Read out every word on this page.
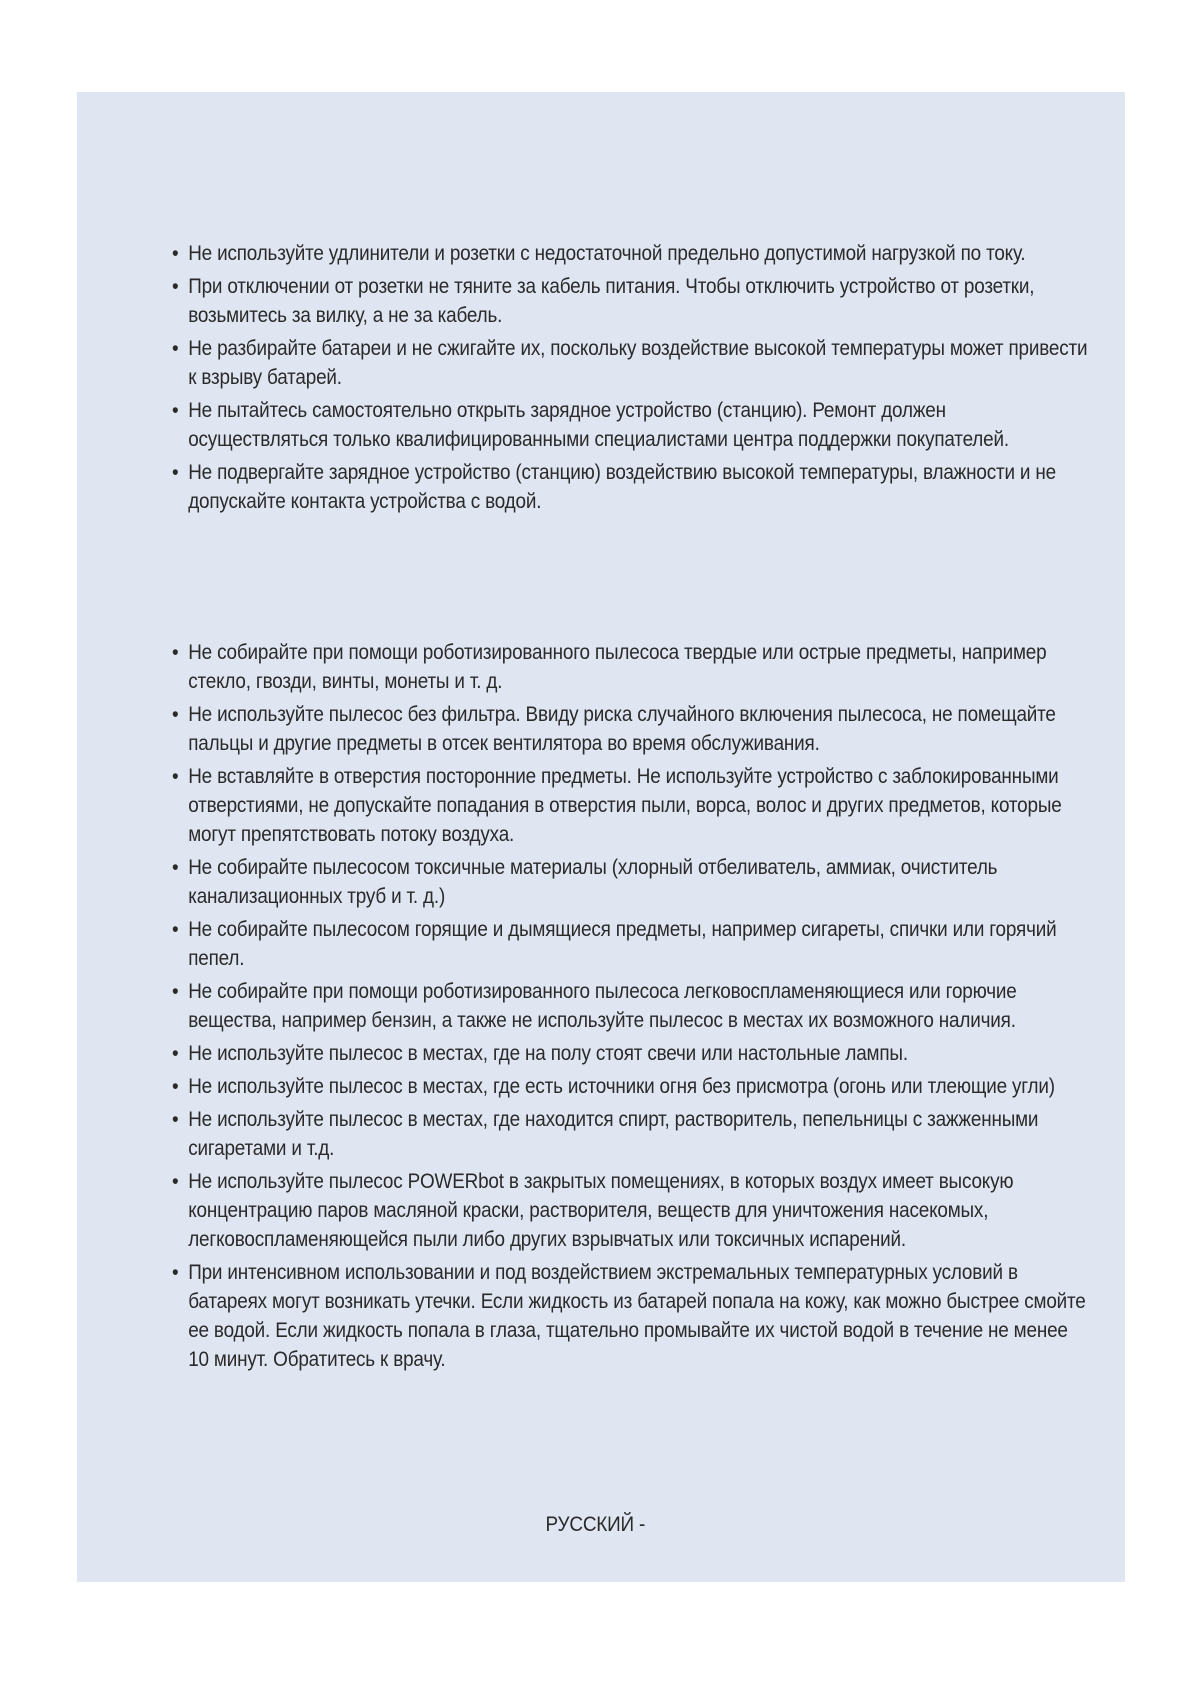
• Не используйте удлинители и розетки с недостаточной предельно допустимой нагрузкой по току.
• При отключении от розетки не тяните за кабель питания. Чтобы отключить устройство от розетки, возьмитесь за вилку, а не за кабель.
• Не разбирайте батареи и не сжигайте их, поскольку воздействие высокой температуры может привести к взрыву батарей.
• Не пытайтесь самостоятельно открыть зарядное устройство (станцию). Ремонт должен осуществляться только квалифицированными специалистами центра поддержки покупателей.
• Не подвергайте зарядное устройство (станцию) воздействию высокой температуры, влажности и не допускайте контакта устройства с водой.
• Не собирайте при помощи роботизированного пылесоса твердые или острые предметы, например стекло, гвозди, винты, монеты и т. д.
• Не используйте пылесос без фильтра. Ввиду риска случайного включения пылесоса, не помещайте пальцы и другие предметы в отсек вентилятора во время обслуживания.
• Не вставляйте в отверстия посторонние предметы. Не используйте устройство с заблокированными отверстиями, не допускайте попадания в отверстия пыли, ворса, волос и других предметов, которые могут препятствовать потоку воздуха.
• Не собирайте пылесосом токсичные материалы (хлорный отбеливатель, аммиак, очиститель канализационных труб и т. д.)
• Не собирайте пылесосом горящие и дымящиеся предметы, например сигареты, спички или горячий пепел.
• Не собирайте при помощи роботизированного пылесоса легковоспламеняющиеся или горючие вещества, например бензин, а также не используйте пылесос в местах их возможного наличия.
• Не используйте пылесос в местах, где на полу стоят свечи или настольные лампы.
• Не используйте пылесос в местах, где есть источники огня без присмотра (огонь или тлеющие угли)
• Не используйте пылесос в местах, где находится спирт, растворитель, пепельницы с зажженными сигаретами и т.д.
• Не используйте пылесос POWERbot в закрытых помещениях, в которых воздух имеет высокую концентрацию паров масляной краски, растворителя, веществ для уничтожения насекомых, легковоспламеняющейся пыли либо других взрывчатых или токсичных испарений.
• При интенсивном использовании и под воздействием экстремальных температурных условий в батареях могут возникать утечки. Если жидкость из батарей попала на кожу, как можно быстрее смойте ее водой. Если жидкость попала в глаза, тщательно промывайте их чистой водой в течение не менее 10 минут. Обратитесь к врачу.
РУССКИЙ -
